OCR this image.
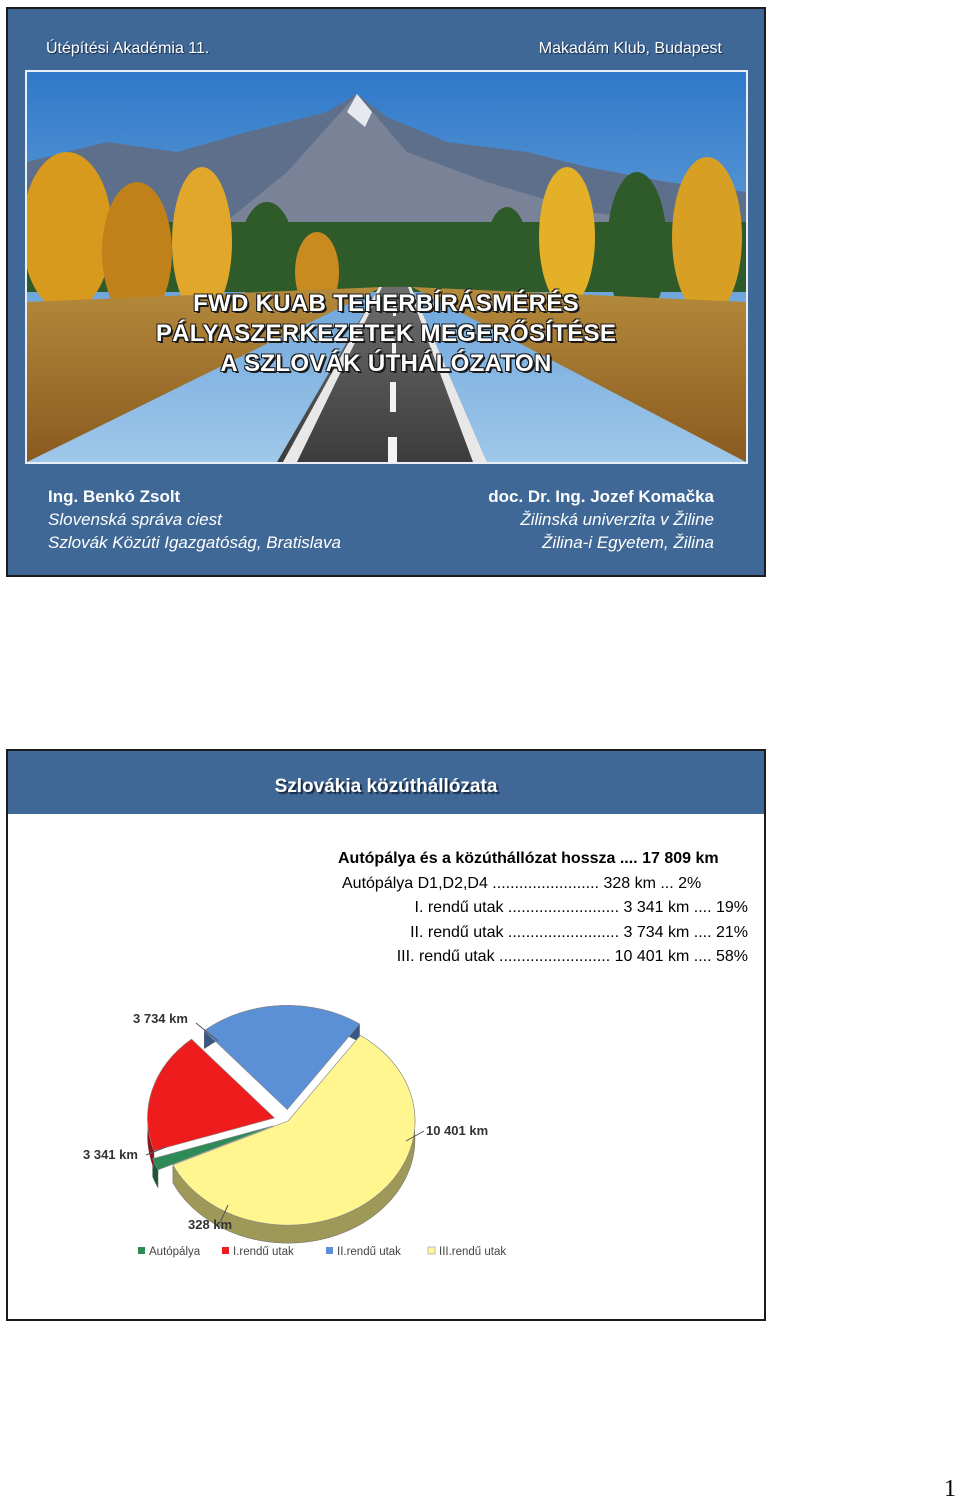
Útépítési Akadémia 11.	Makadám Klub, Budapest
FWD KUAB TEHERBÍRÁSMÉRÉS
PÁLYASZERKEZETEK MEGERŐSÍTÉSE
A SZLOVÁK ÚTHÁLÓZATON
Ing. Benkó Zsolt
Slovenská správa ciest
Szlovák Közúti Igazgatóság, Bratislava
doc. Dr. Ing. Jozef Komačka
Žilinská univerzita v Žiline
Žilina-i Egyetem, Žilina
Szlovákia közúthállózata
Autópálya és a közúthállózat hossza .... 17 809 km
Autópálya D1,D2,D4 ........................ 328 km ... 2%
I. rendű utak ......................... 3 341 km .... 19%
II. rendű utak ......................... 3 734 km .... 21%
III. rendű utak ......................... 10 401 km .... 58%
328 km
3 341 km
3 734 km
10 401 km
Autópálya	I.rendű utak	II.rendű utak	III.rendű utak
1
